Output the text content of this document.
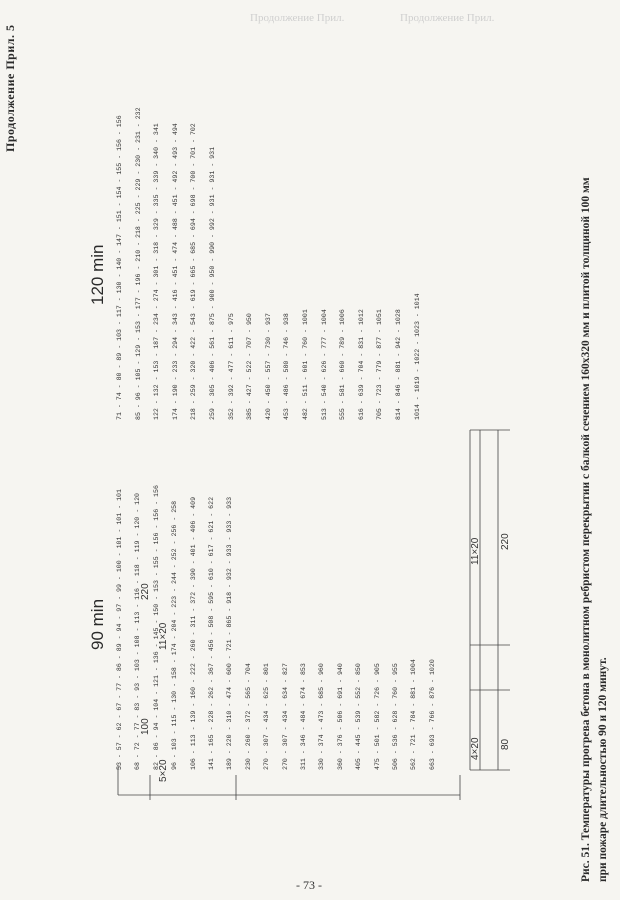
Продолжение Прил.	Продолжение Прил.
Продолжение Прил. 5
90 min
120 min
53 - 57 - 62 - 67 - 77 - 86 - 89 - 94 - 97 - 99 - 100 - 101 - 101 - 101 68 - 72 - 77 - 83 - 93 - 103 - 108 - 113 - 116 - 118 - 119 - 120 - 120 82 - 86 - 94 - 104 - 121 - 136 - 145 - 150 - 153 - 155 - 156 - 156 - 156 96 - 103 - 115 - 130 - 158 - 174 - 204 - 223 - 244 - 252 - 256 - 258 106 - 113 - 139 - 160 - 222 - 260 - 311 - 372 - 390 - 401 - 406 - 409 141 - 165 - 228 - 262 - 367 - 456 - 508 - 595 - 610 - 617 - 621 - 622 189 - 220 - 310 - 474 - 600 - 721 - 865 - 918 - 932 - 933 - 933 - 933 230 - 260 - 372 - 565 - 704 270 - 307 - 434 - 625 - 801 270 - 307 - 434 - 634 - 827 311 - 346 - 484 - 674 - 853 330 - 374 - 473 - 685 - 960 360 - 376 - 506 - 691 - 940 405 - 445 - 539 - 552 - 850 475 - 501 - 582 - 726 - 905 506 - 536 - 628 - 760 - 955 562 - 721 - 784 - 881 - 1004 663 - 693 - 766 - 876 - 1020
71 - 74 - 80 - 89 - 103 - 117 - 130 - 140 - 147 - 151 - 154 - 155 - 156 - 156 85 - 96 - 105 - 129 - 153 - 177 - 196 - 210 - 218 - 225 - 229 - 230 - 231 - 232 122 - 132 - 153 - 187 - 234 - 274 - 301 - 318 - 329 - 335 - 339 - 340 - 341 174 - 190 - 233 - 294 - 343 - 416 - 451 - 474 - 488 - 451 - 492 - 493 - 494 218 - 259 - 320 - 422 - 543 - 619 - 665 - 685 - 694 - 698 - 700 - 701 - 702 259 - 305 - 406 - 561 - 875 - 900 - 950 - 990 - 992 - 931 - 931 - 931 352 - 392 - 477 - 611 - 975 385 - 427 - 522 - 707 - 950 420 - 450 - 557 - 730 - 937 453 - 486 - 580 - 746 - 938 482 - 511 - 601 - 760 - 1001 513 - 540 - 626 - 777 - 1004 555 - 581 - 660 - 789 - 1006 616 - 639 - 704 - 831 - 1012 705 - 723 - 779 - 877 - 1051 814 - 846 - 881 - 942 - 1028 1014 - 1019 - 1022 - 1023 - 1014
100
5×20
220
11×20
4×20 80
11×20 220	Рис. 51. Температуры прогрева бетона в монолитном ребристом перекрытии с балкой сечением 160х320 мм и плитой толщиной 100 мм при пожаре длительностью 90 и 120 минут.
- 73 -
